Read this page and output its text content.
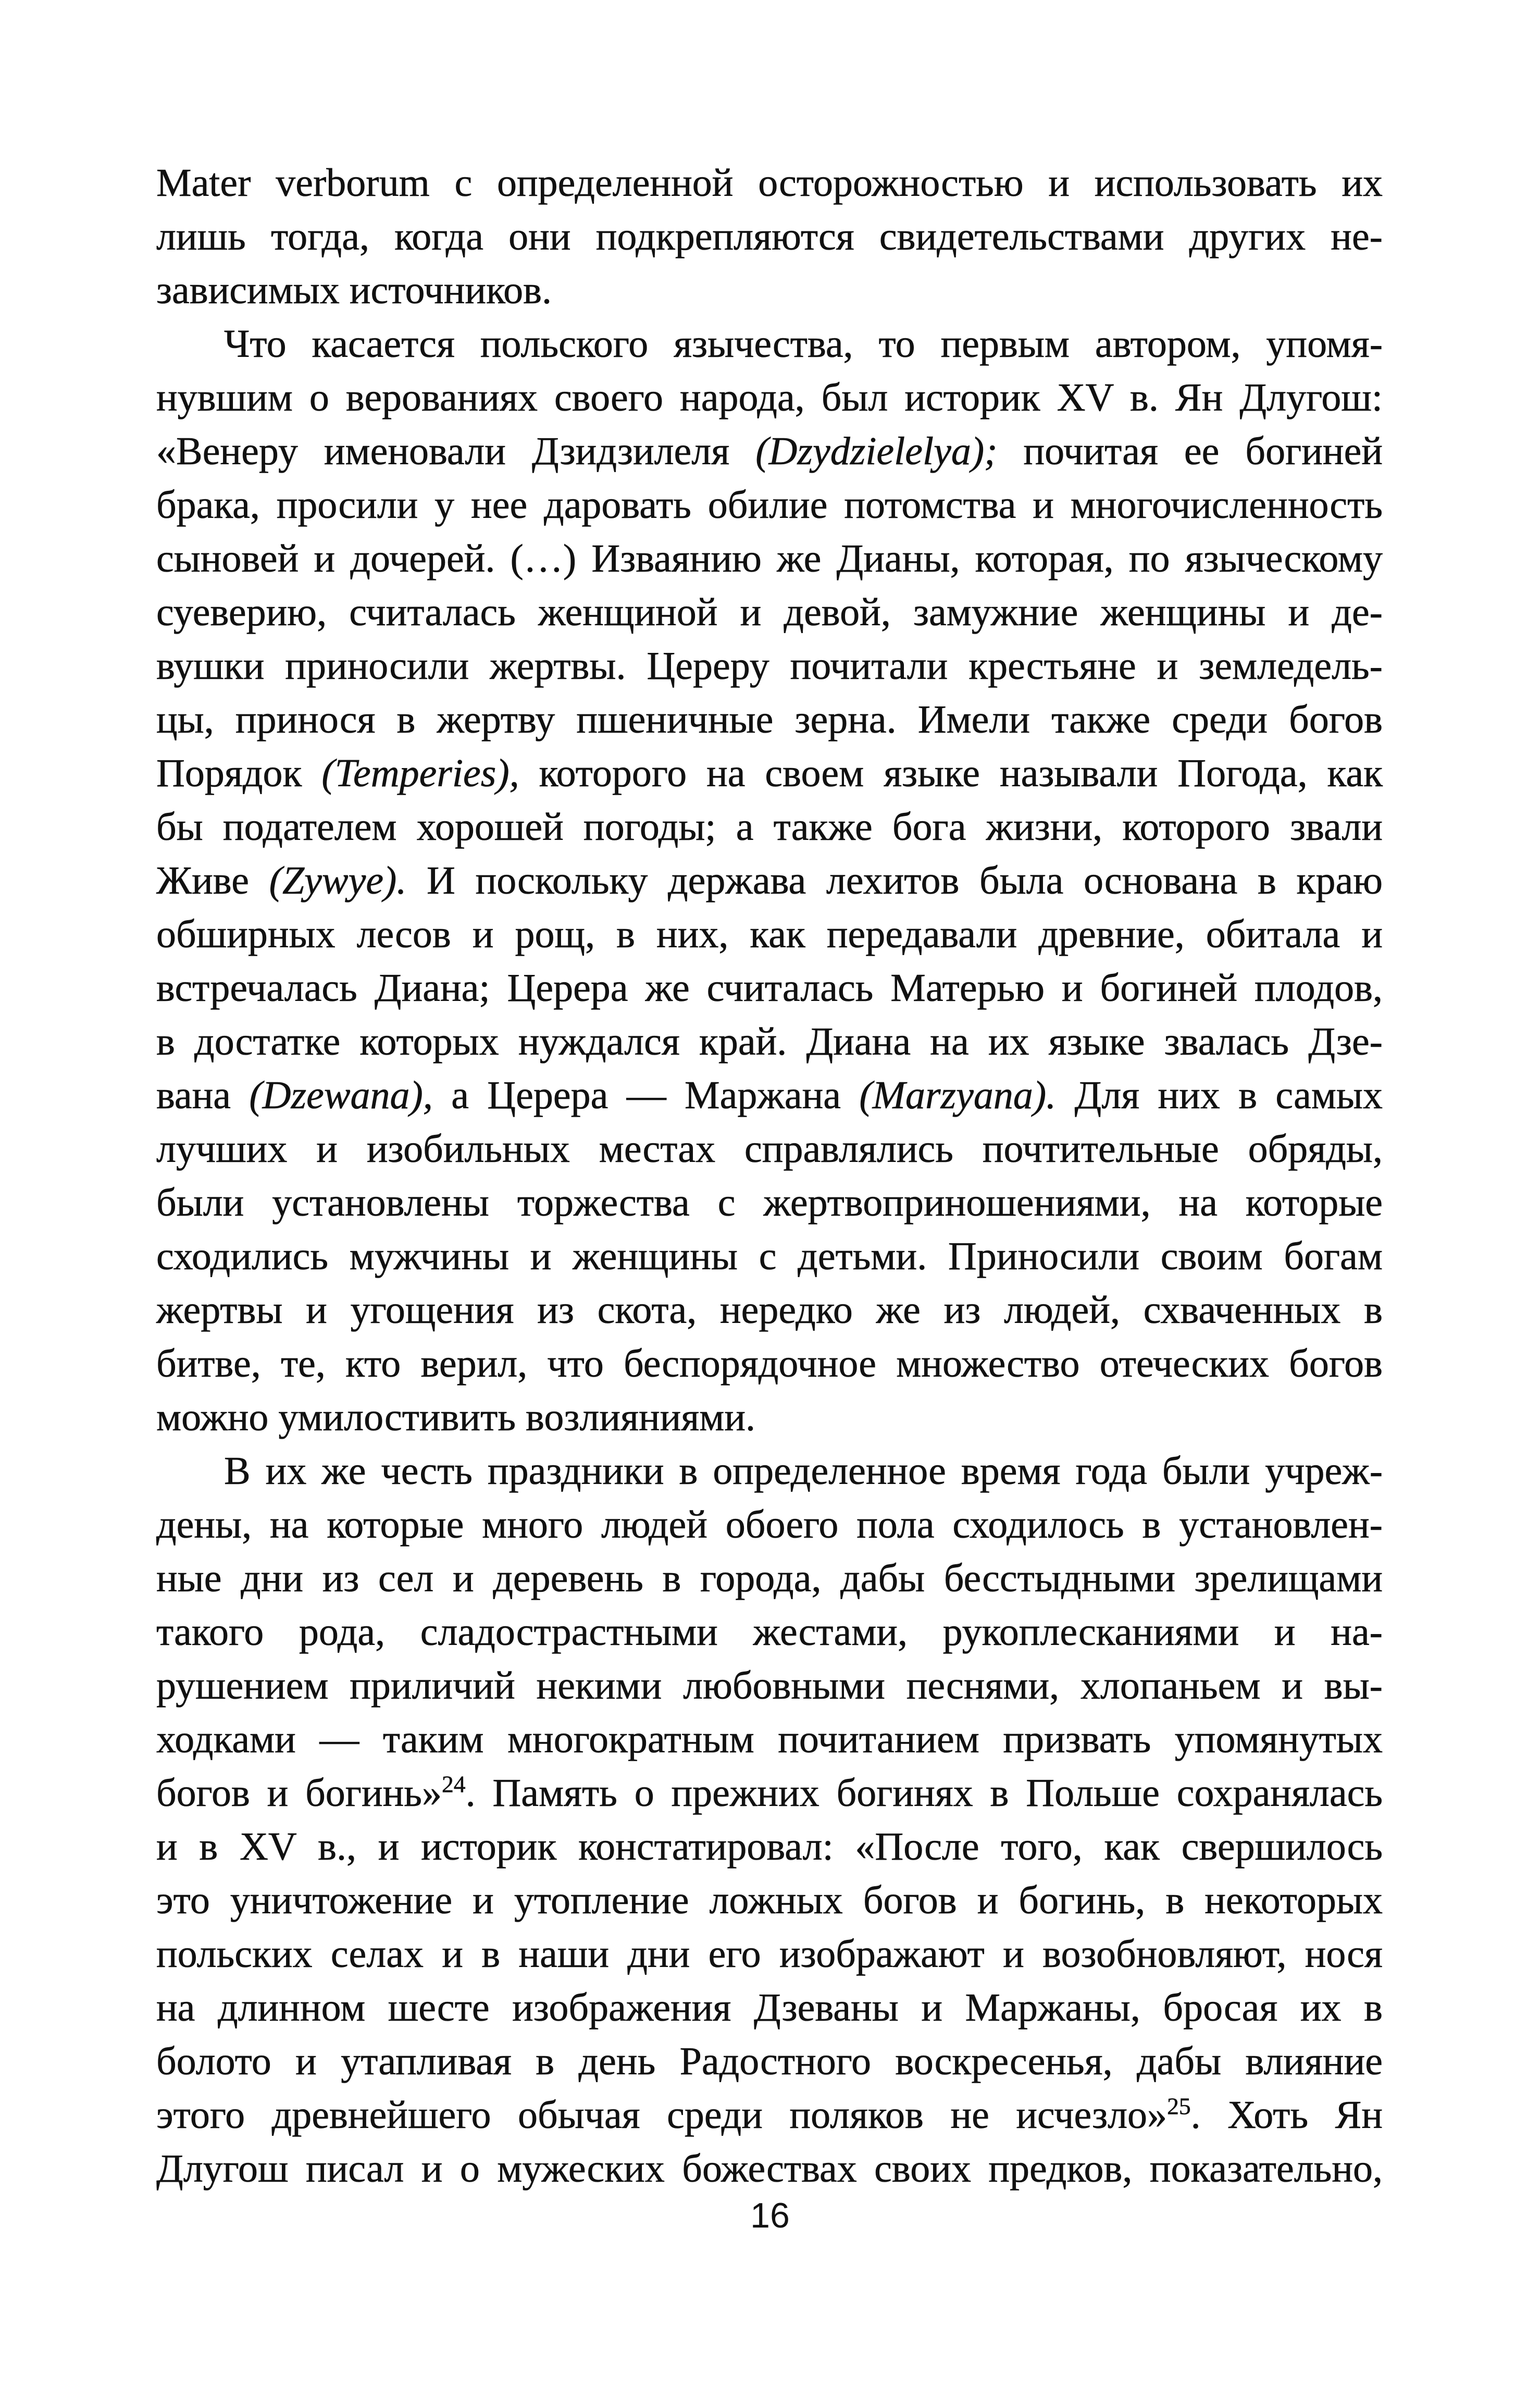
Mater verborum с определенной осторожностью и использовать их
лишь тогда, когда они подкрепляются свидетельствами других не-
зависимых источников.
Что касается польского язычества, то первым автором, упомя-
нувшим о верованиях своего народа, был историк XV в. Ян Длугош:
«Венеру именовали Дзидзилеля (Dzydzielelya); почитая ее богиней
брака, просили у нее даровать обилие потомства и многочисленность
сыновей и дочерей. (…) Изваянию же Дианы, которая, по языческому
суеверию, считалась женщиной и девой, замужние женщины и де-
вушки приносили жертвы. Цереру почитали крестьяне и земледель-
цы, принося в жертву пшеничные зерна. Имели также среди богов
Порядок (Temperies), которого на своем языке называли Погода, как
бы подателем хорошей погоды; а также бога жизни, которого звали
Живе (Zywye). И поскольку держава лехитов была основана в краю
обширных лесов и рощ, в них, как передавали древние, обитала и
встречалась Диана; Церера же считалась Матерью и богиней плодов,
в достатке которых нуждался край. Диана на их языке звалась Дзе-
вана (Dzewana), а Церера — Маржана (Marzyana). Для них в самых
лучших и изобильных местах справлялись почтительные обряды,
были установлены торжества с жертвоприношениями, на которые
сходились мужчины и женщины с детьми. Приносили своим богам
жертвы и угощения из скота, нередко же из людей, схваченных в
битве, те, кто верил, что беспорядочное множество отеческих богов
можно умилостивить возлияниями.
В их же честь праздники в определенное время года были учреж-
дены, на которые много людей обоего пола сходилось в установлен-
ные дни из сел и деревень в города, дабы бесстыдными зрелищами
такого рода, сладострастными жестами, рукоплесканиями и на-
рушением приличий некими любовными песнями, хлопаньем и вы-
ходками — таким многократным почитанием призвать упомянутых
богов и богинь»$^{24}$. Память о прежних богинях в Польше сохранялась
и в XV в., и историк констатировал: «После того, как свершилось
это уничтожение и утопление ложных богов и богинь, в некоторых
польских селах и в наши дни его изображают и возобновляют, нося
на длинном шесте изображения Дзеваны и Маржаны, бросая их в
болото и утапливая в день Радостного воскресенья, дабы влияние
этого древнейшего обычая среди поляков не исчезло»$^{25}$. Хоть Ян
Длугош писал и о мужеских божествах своих предков, показательно,
16
